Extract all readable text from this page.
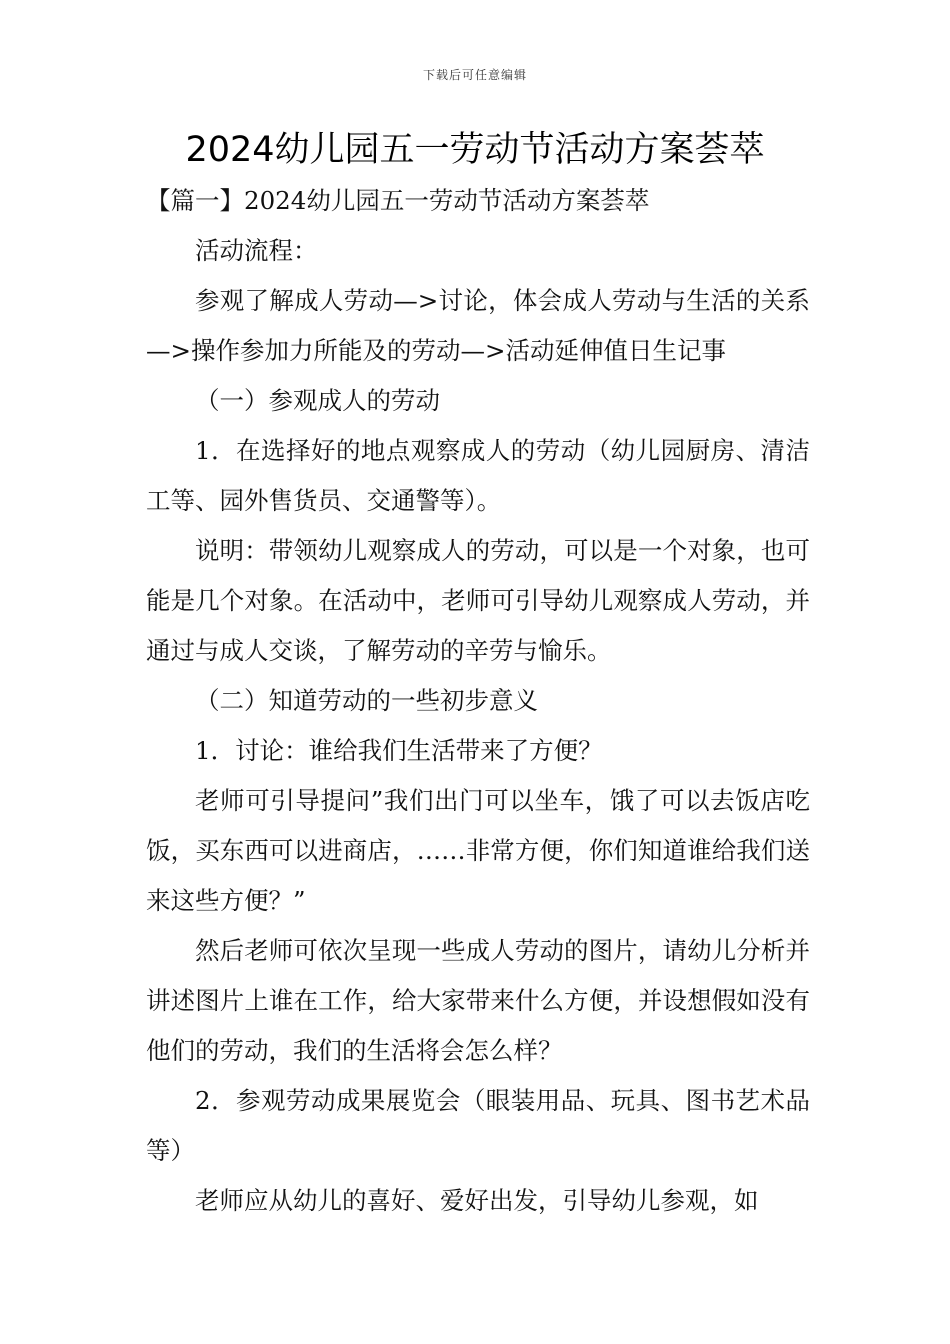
下载后可任意编辑
2024幼儿园五一劳动节活动方案荟萃

【篇一】2024幼儿园五一劳动节活动方案荟萃

活动流程：

参观了解成人劳动—>讨论，体会成人劳动与生活的关系—>操作参加力所能及的劳动—>活动延伸值日生记事

（一）参观成人的劳动

1．在选择好的地点观察成人的劳动（幼儿园厨房、清洁工等、园外售货员、交通警等）。

说明：带领幼儿观察成人的劳动，可以是一个对象，也可能是几个对象。在活动中，老师可引导幼儿观察成人劳动，并通过与成人交谈，了解劳动的辛劳与愉乐。

（二）知道劳动的一些初步意义

1．讨论：谁给我们生活带来了方便？

老师可引导提问”我们出门可以坐车，饿了可以去饭店吃饭，买东西可以进商店，……非常方便，你们知道谁给我们送来这些方便？”

然后老师可依次呈现一些成人劳动的图片，请幼儿分析并讲述图片上谁在工作，给大家带来什么方便，并设想假如没有他们的劳动，我们的生活将会怎么样？

2．参观劳动成果展览会（眼装用品、玩具、图书艺术品等）

老师应从幼儿的喜好、爱好出发，引导幼儿参观，如
